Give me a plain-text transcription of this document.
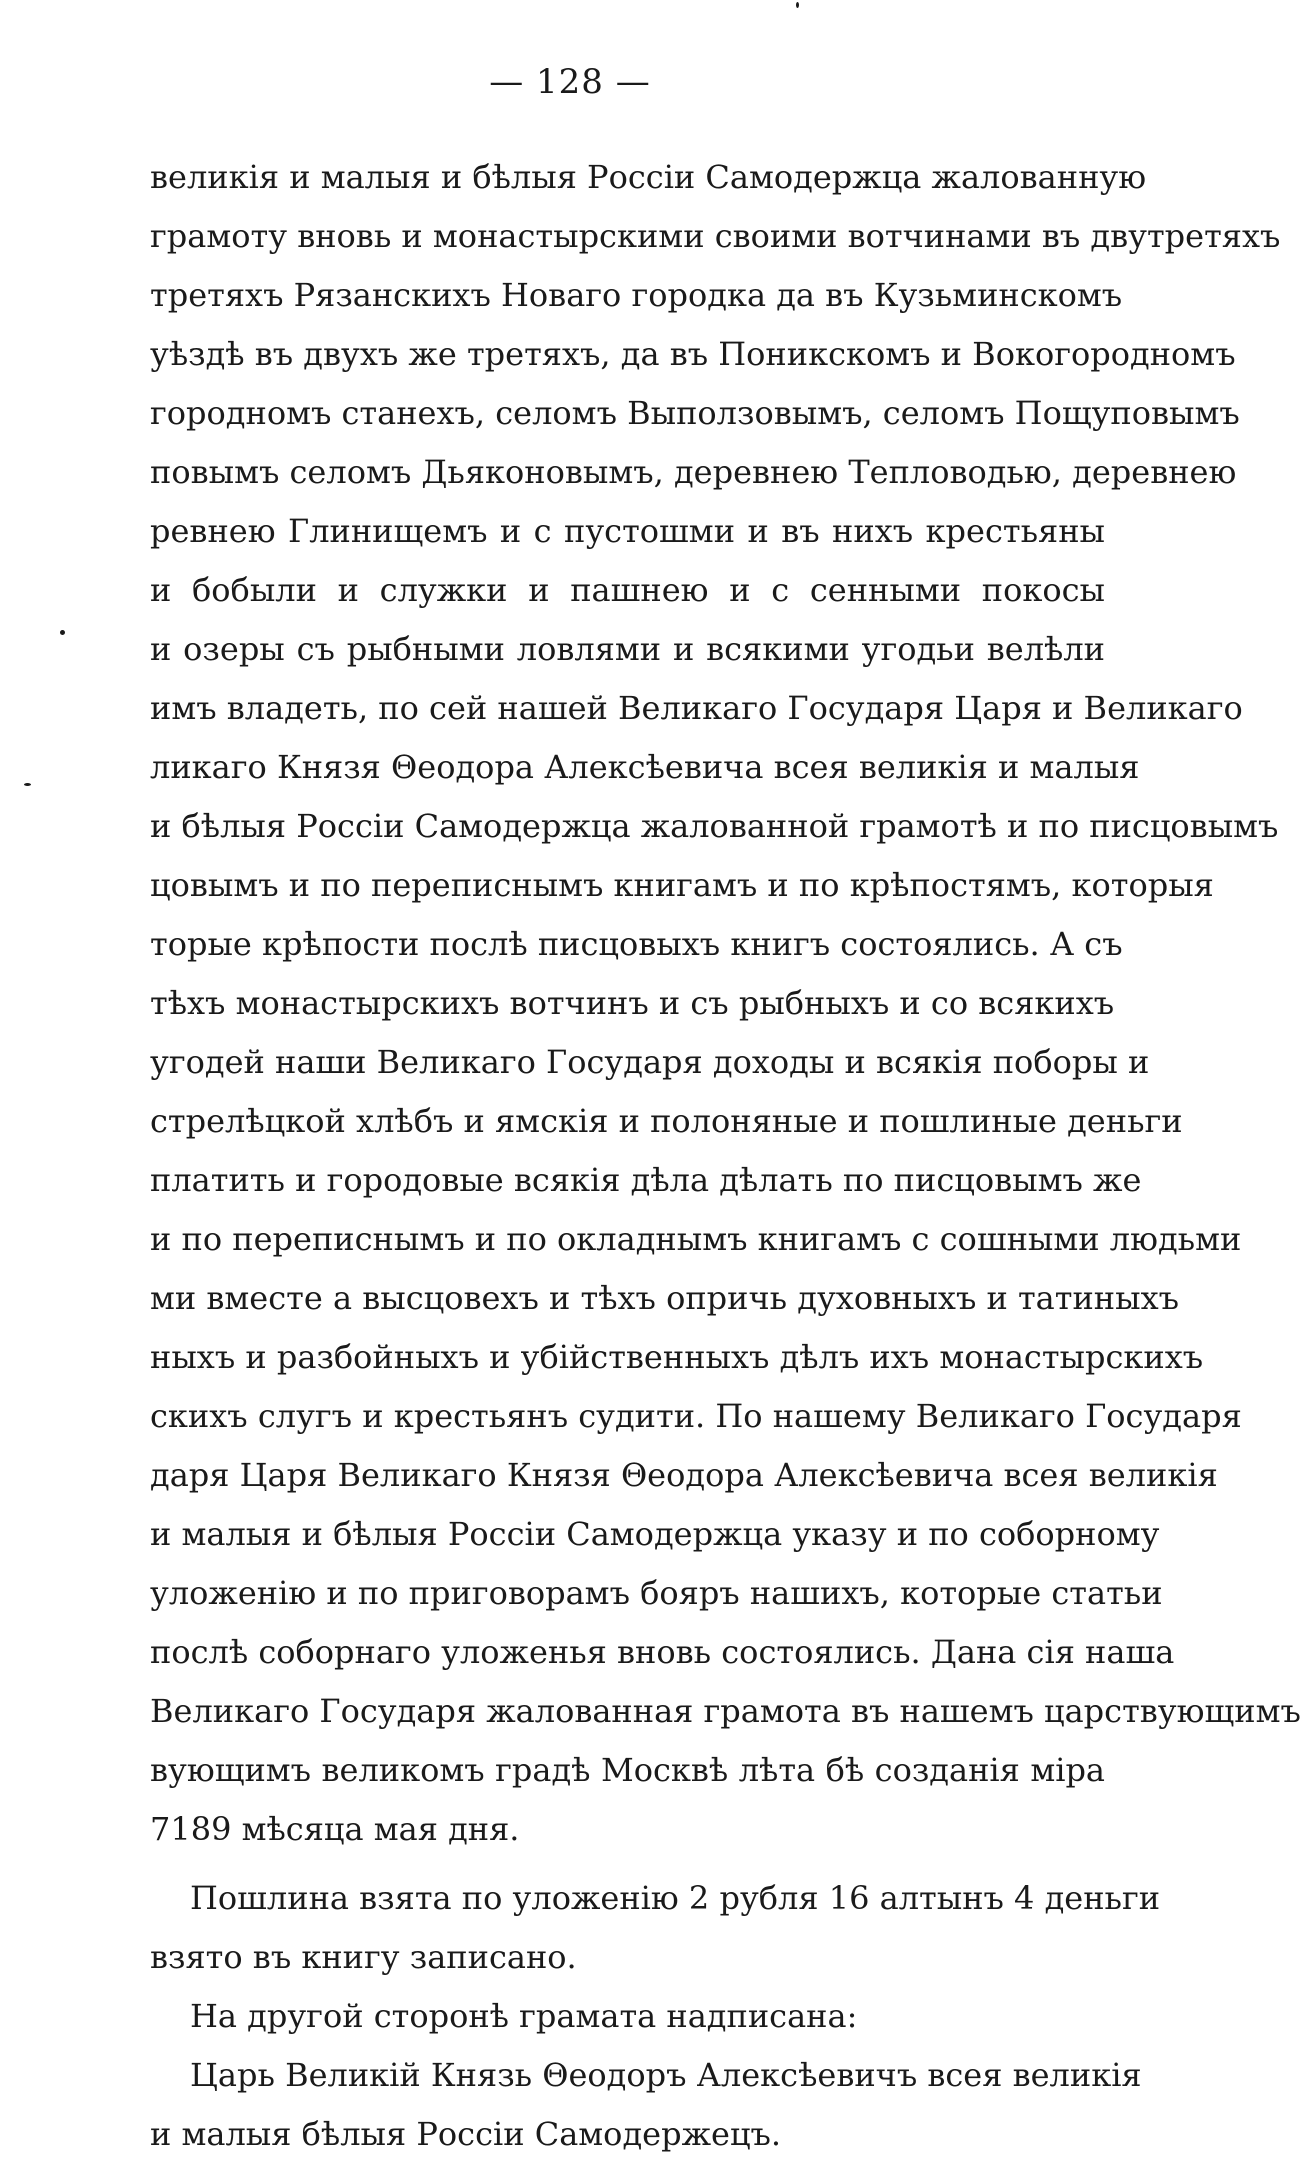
— 128 —
великія и малыя и бѣлыя Россіи Самодержца жалованную
грамоту вновь и монастырскими своими вотчинами въ двутретяхъ
третяхъ Рязанскихъ Новаго городка да въ Кузьминскомъ
уѣздѣ въ двухъ же третяхъ, да въ Поникскомъ и Вокогородномъ
городномъ станехъ, селомъ Выползовымъ, селомъ Пощуповымъ
повымъ селомъ Дьяконовымъ, деревнею Тепловодью, деревнею
ревнею Глинищемъ и с пустошми и въ нихъ крестьяны
и бобыли и служки и пашнею и с сенными покосы
и озеры съ рыбными ловлями и всякими угодьи велѣли
имъ владеть, по сей нашей Великаго Государя Царя и Великаго
ликаго Князя Θеодора Алексѣевича всея великія и малыя
и бѣлыя Россіи Самодержца жалованной грамотѣ и по писцовымъ
цовымъ и по переписнымъ книгамъ и по крѣпостямъ, которыя
торые крѣпости послѣ писцовыхъ книгъ состоялись. А съ
тѣхъ монастырскихъ вотчинъ и съ рыбныхъ и со всякихъ
угодей наши Великаго Государя доходы и всякія поборы и
стрелѣцкой хлѣбъ и ямскія и полоняные и пошлиные деньги
платить и городовые всякія дѣла дѣлать по писцовымъ же
и по переписнымъ и по окладнымъ книгамъ с сошными людьми
ми вместе а высцовехъ и тѣхъ опричь духовныхъ и татиныхъ
ныхъ и разбойныхъ и убійственныхъ дѣлъ ихъ монастырскихъ
скихъ слугъ и крестьянъ судити. По нашему Великаго Государя
даря Царя Великаго Князя Θеодора Алексѣевича всея великія
и малыя и бѣлыя Россіи Самодержца указу и по соборному
уложенію и по приговорамъ бояръ нашихъ, которые статьи
послѣ соборнаго уложенья вновь состоялись. Дана сія наша
Великаго Государя жалованная грамота въ нашемъ царствующимъ
вующимъ великомъ градѣ Москвѣ лѣта бѣ созданія міра
7189 мѣсяца мая дня.
Пошлина взята по уложенію 2 рубля 16 алтынъ 4 деньги
взято въ книгу записано.
На другой сторонѣ грамата надписана:
Царь Великій Князь Θеодоръ Алексѣевичъ всея великія
и малыя бѣлыя Россіи Самодержецъ.
